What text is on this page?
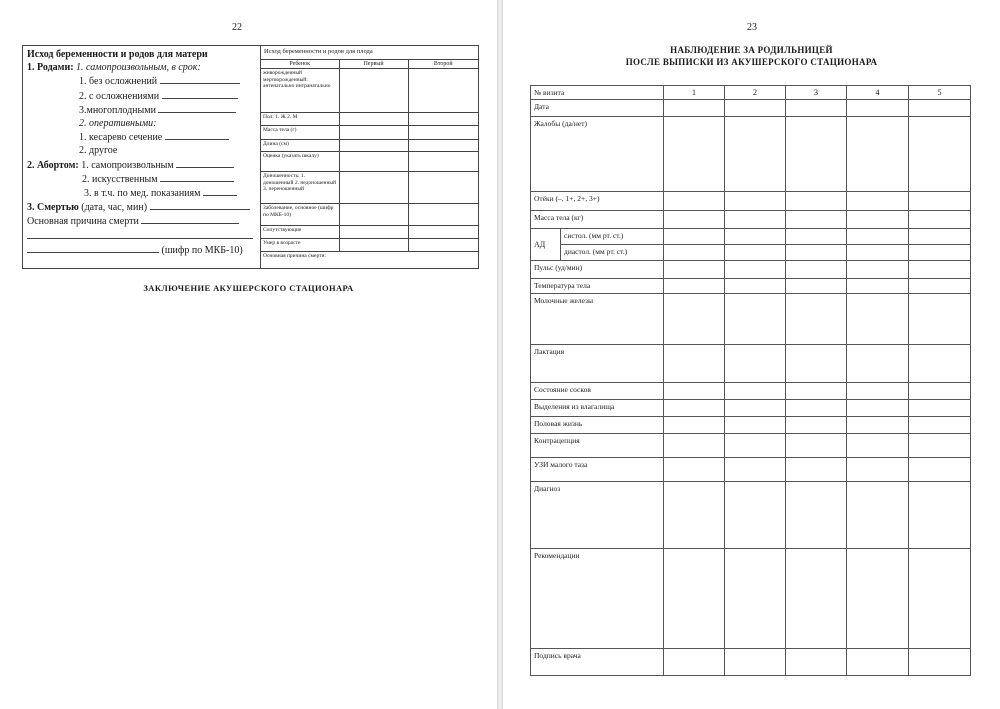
22
Исход беременности и родов для матери
1. Родами: 1. самопроизвольным, в срок:
1. без осложнений
2. с осложнениями
3.многоплодными
2. оперативными:
1. кесарево сечение
2. другое
2. Абортом: 1. самопроизвольным
2. искусственным
3. в т.ч. по мед. показаниям
3. Смертью (дата, час, мин)
Основная причина смерти
(шифр по МКБ-10)
Исход беременности и родов для плода		
Ребенок	Первый	Второй
живорожденный мертворожденный: антенатально интранатально		
Пол: 1. Ж 2. М		
Масса тела (г)		
Длина (см)		
Оценка (указать шкалу)		
Доношенность: 1. доношенный 2. недоношенный 3. переношенный		
Заболевание, основное (шифр по МКБ-10)		
Сопутствующие		
Умер в возрасте		
Основная причина смерти:		
ЗАКЛЮЧЕНИЕ АКУШЕРСКОГО СТАЦИОНАРА
23
НАБЛЮДЕНИЕ ЗА РОДИЛЬНИЦЕЙ
ПОСЛЕ ВЫПИСКИ ИЗ АКУШЕРСКОГО СТАЦИОНАРА
№ визита		1	2	3	4	5
Дата						
Жалобы (да/нет)						
Отёки (–, 1+, 2+, 3+)						
Масса тела (кг)						
АД	систол. (мм рт. ст.)					
	диастол. (мм рт. ст.)					
Пульс (уд/мин)						
Температура тела						
Молочные железы						
Лактация						
Состояние сосков						
Выделения из влагалища						
Половая жизнь						
Контрацепция						
УЗИ малого таза						
Диагноз						
Рекомендации						
Подпись врача						
